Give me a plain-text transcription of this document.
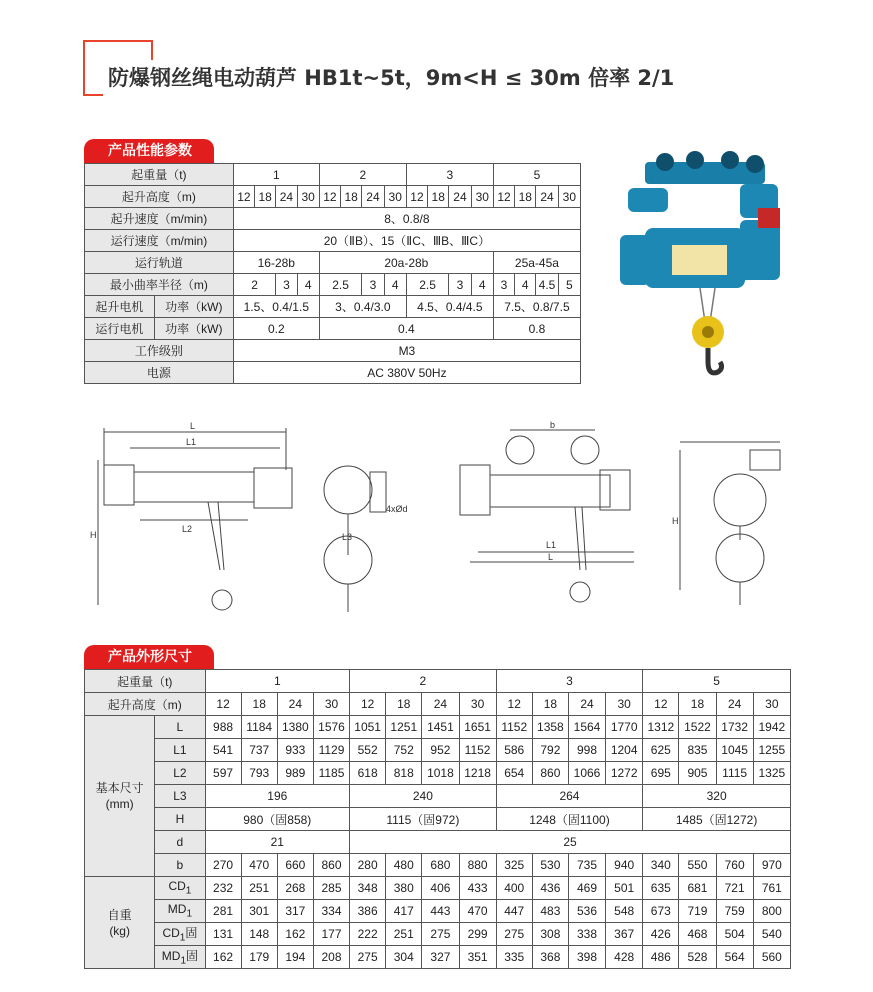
防爆钢丝绳电动葫芦 HB1t~5t，9m<H ≤ 30m 倍率 2/1
产品性能参数
起重量（t)		1				2				3				5			
起升高度（m)		12	18	24	30	12	18	24	30	12	18	24	30	12	18	24	30
起升速度（m/min)		8、0.8/8															
运行速度（m/min)		20（ⅡB）、15（ⅡC、ⅢB、ⅢC）															
运行轨道		16-28b				20a-28b								25a-45a			
最小曲率半径（m)		2		3	4	2.5		3	4	2.5		3	4	3	4	4.5	5
起升电机	功率（kW)	1.5、0.4/1.5				3、0.4/3.0				4.5、0.4/4.5				7.5、0.8/7.5			
运行电机	功率（kW)	0.2				0.4								0.8			
工作级别		M3															
电源		AC 380V 50Hz															
L
L1
L2
H	L3
4xØd
b
L1
L
H
产品外形尺寸
起重量（t)		1				2				3				5			
起升高度（m)		12	18	24	30	12	18	24	30	12	18	24	30	12	18	24	30

基本尺寸
(mm)	L	988	1184	1380	1576	1051	1251	1451	1651	1152	1358	1564	1770	1312	1522	1732	1942
	L1	541	737	933	1129	552	752	952	1152	586	792	998	1204	625	835	1045	1255
	L2	597	793	989	1185	618	818	1018	1218	654	860	1066	1272	695	905	1115	1325
	L3	196				240				264				320			
	H	980（固858)				1115（固972)				1248（固1100)				1485（固1272)			
	d	21				25											
	b	270	470	660	860	280	480	680	880	325	530	735	940	340	550	760	970

自重
(kg)	$CD_1$	232	251	268	285	348	380	406	433	400	436	469	501	635	681	721	761
	$MD_1$	281	301	317	334	386	417	443	470	447	483	536	548	673	719	759	800
	$CD_1$固	131	148	162	177	222	251	275	299	275	308	338	367	426	468	504	540
	$MD_1$固	162	179	194	208	275	304	327	351	335	368	398	428	486	528	564	560
